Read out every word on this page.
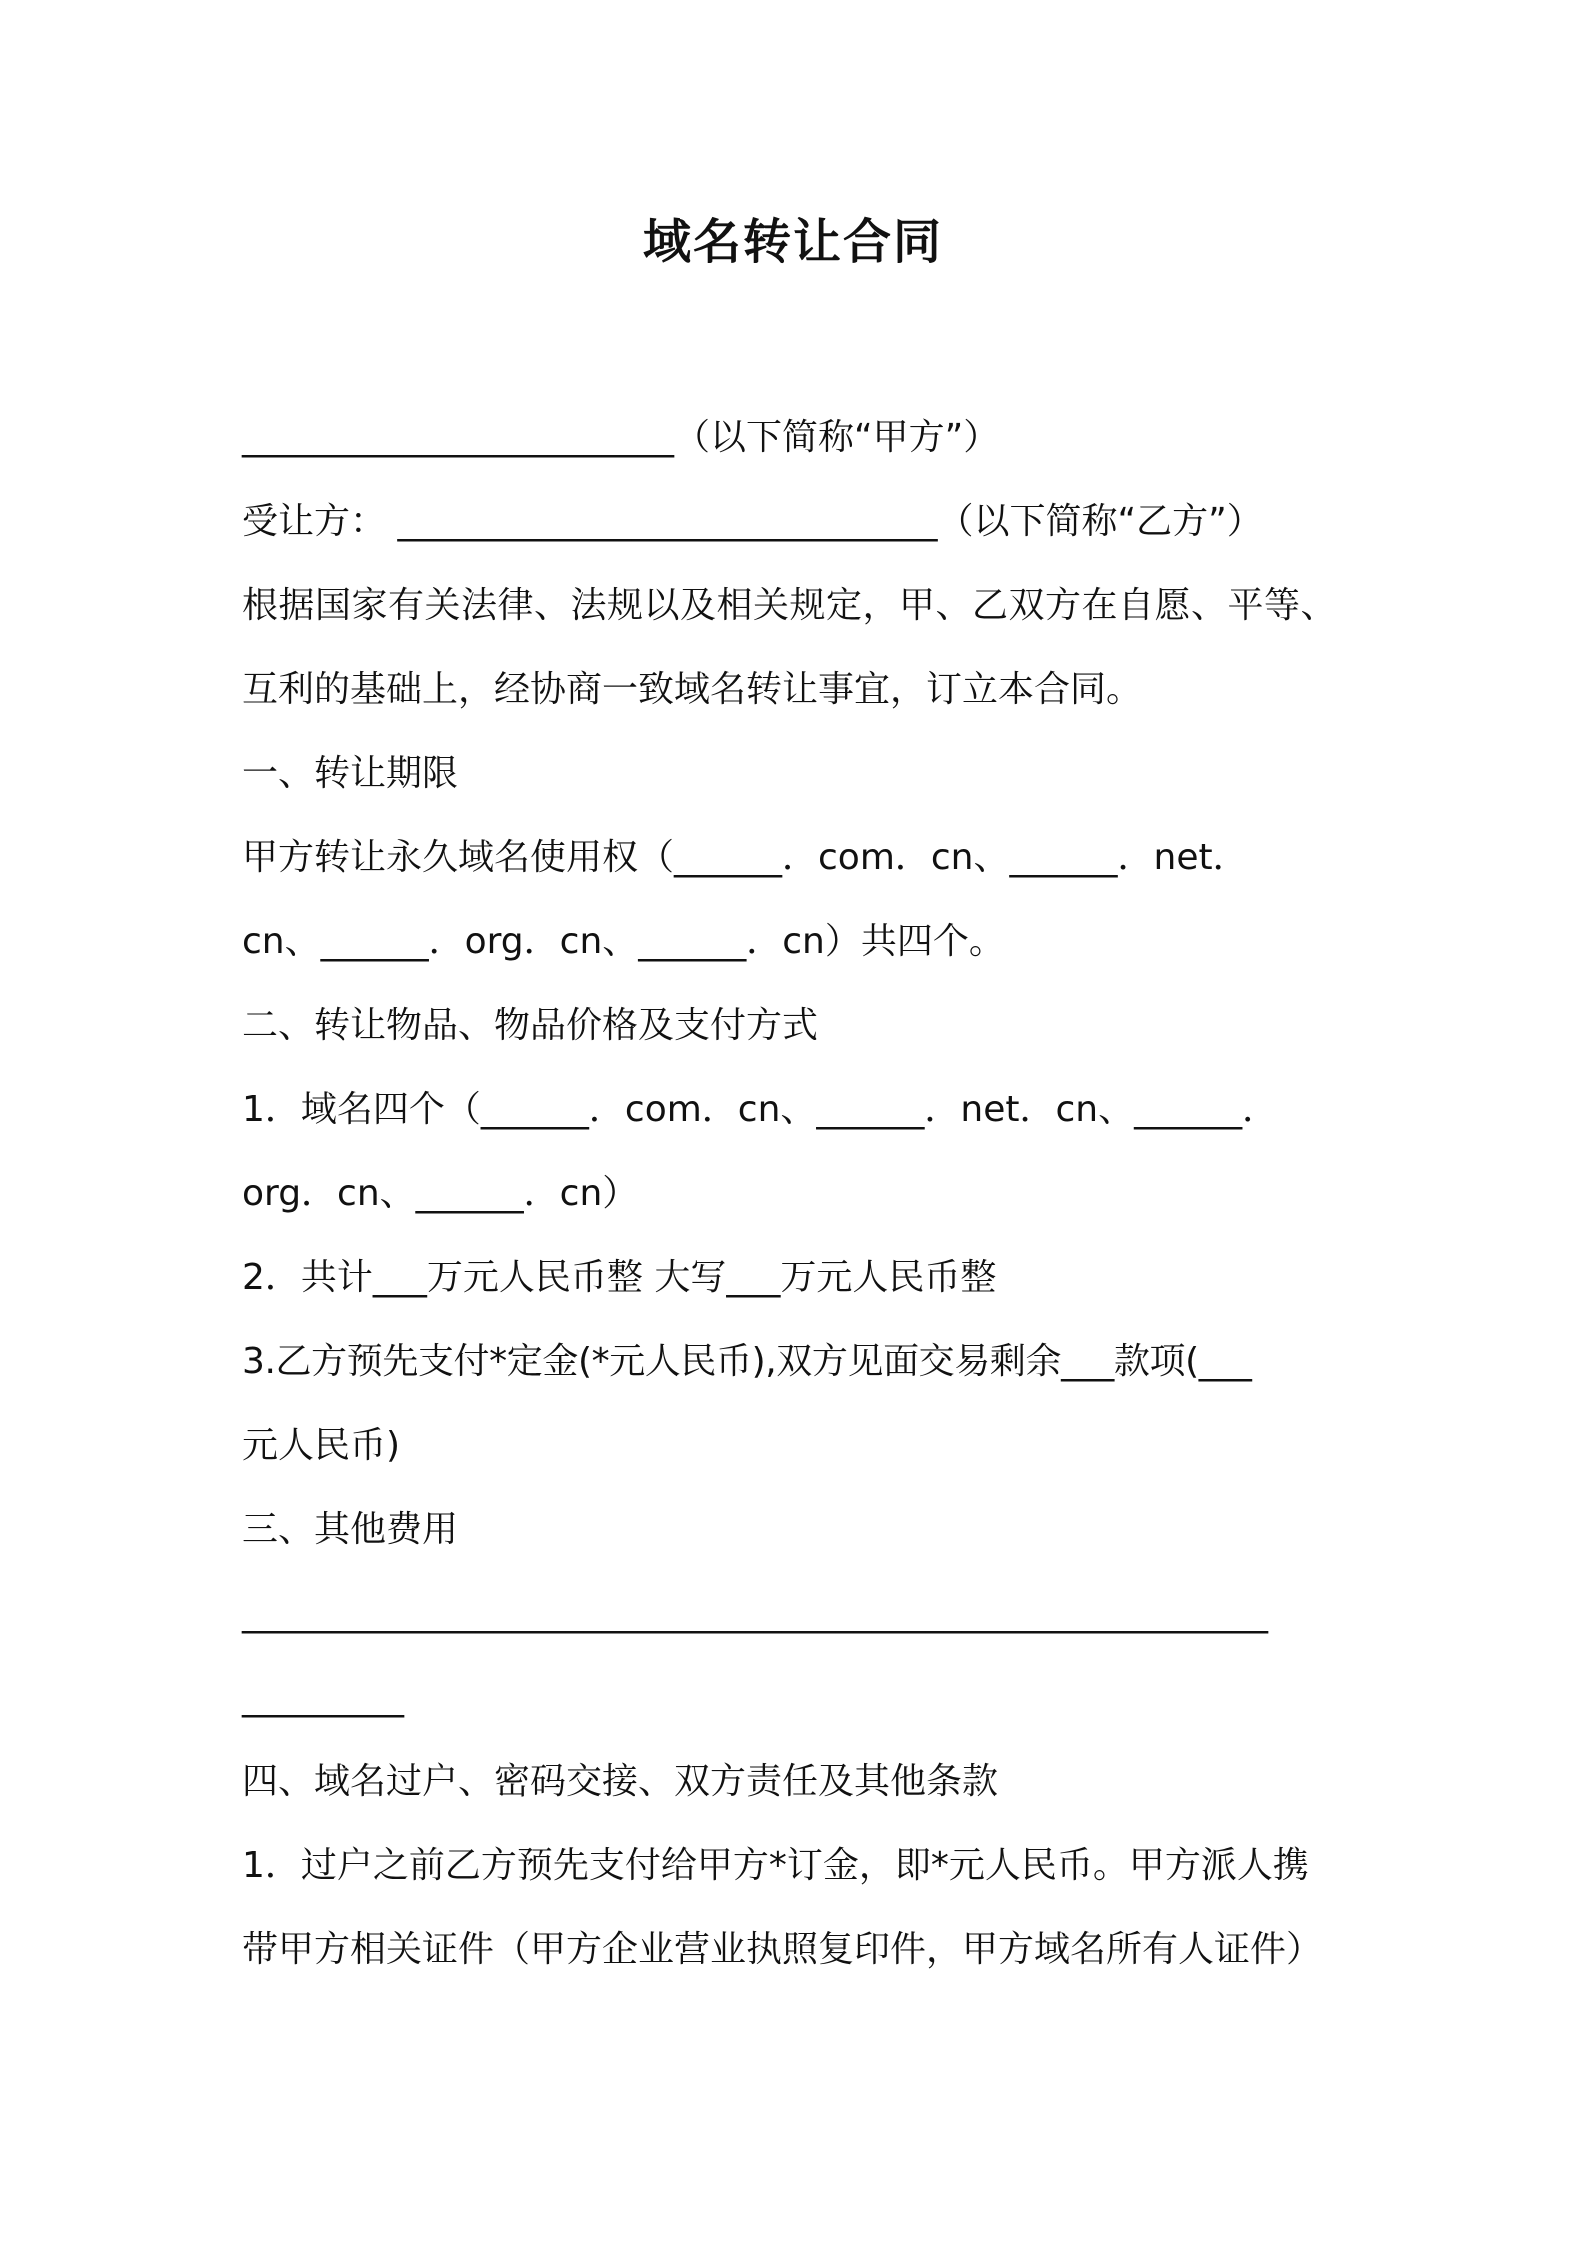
域名转让合同
________________________（以下简称“甲方”）
受让方： ______________________________（以下简称“乙方”）
根据国家有关法律、法规以及相关规定，甲、乙双方在自愿、平等、
互利的基础上，经协商一致域名转让事宜，订立本合同。
一、转让期限
甲方转让永久域名使用权（______．com．cn、______．net．
cn、______．org．cn、______．cn）共四个。
二、转让物品、物品价格及支付方式
1．域名四个（______．com．cn、______．net．cn、______．
org．cn、______．cn）
2．共计___万元人民币整 大写___万元人民币整
3.乙方预先支付*定金(*元人民币),双方见面交易剩余___款项(___
元人民币)
三、其他费用
_________________________________________________________
_________
四、域名过户、密码交接、双方责任及其他条款
1．过户之前乙方预先支付给甲方*订金，即*元人民币。甲方派人携
带甲方相关证件（甲方企业营业执照复印件，甲方域名所有人证件）
